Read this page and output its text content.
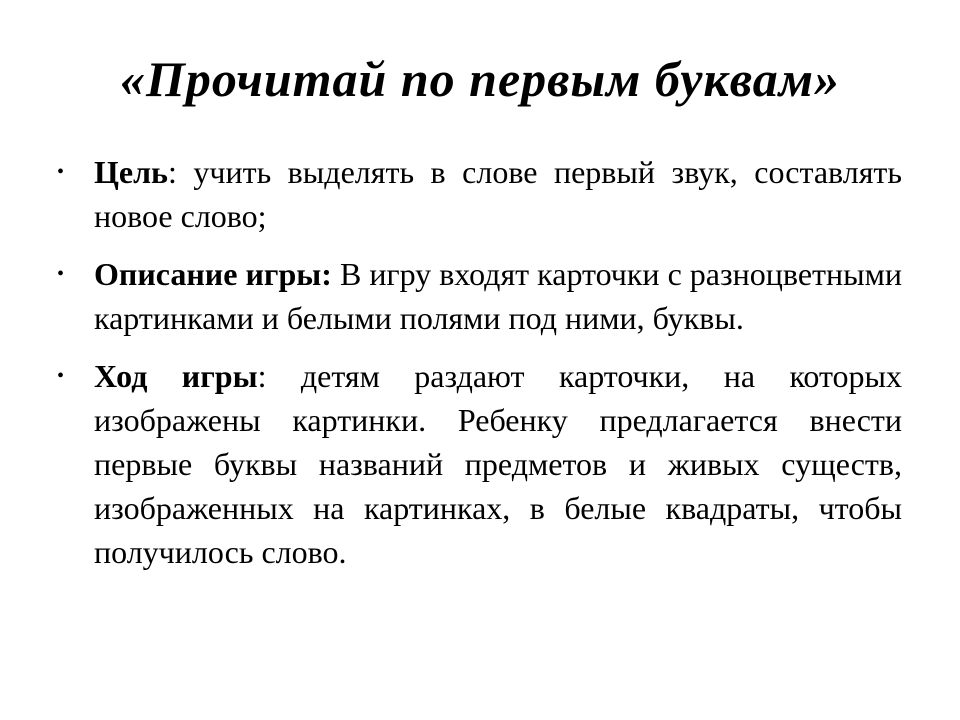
«Прочитай по первым буквам»
• Цель: учить выделять в слове первый звук, составлять новое слово;
• Описание игры: В игру входят карточки с разноцветными картинками и белыми полями под ними, буквы.
• Ход игры: детям раздают карточки, на которых изображены картинки. Ребенку предлагается внести первые буквы названий предметов и живых существ, изображенных на картинках, в белые квадраты, чтобы получилось слово.
